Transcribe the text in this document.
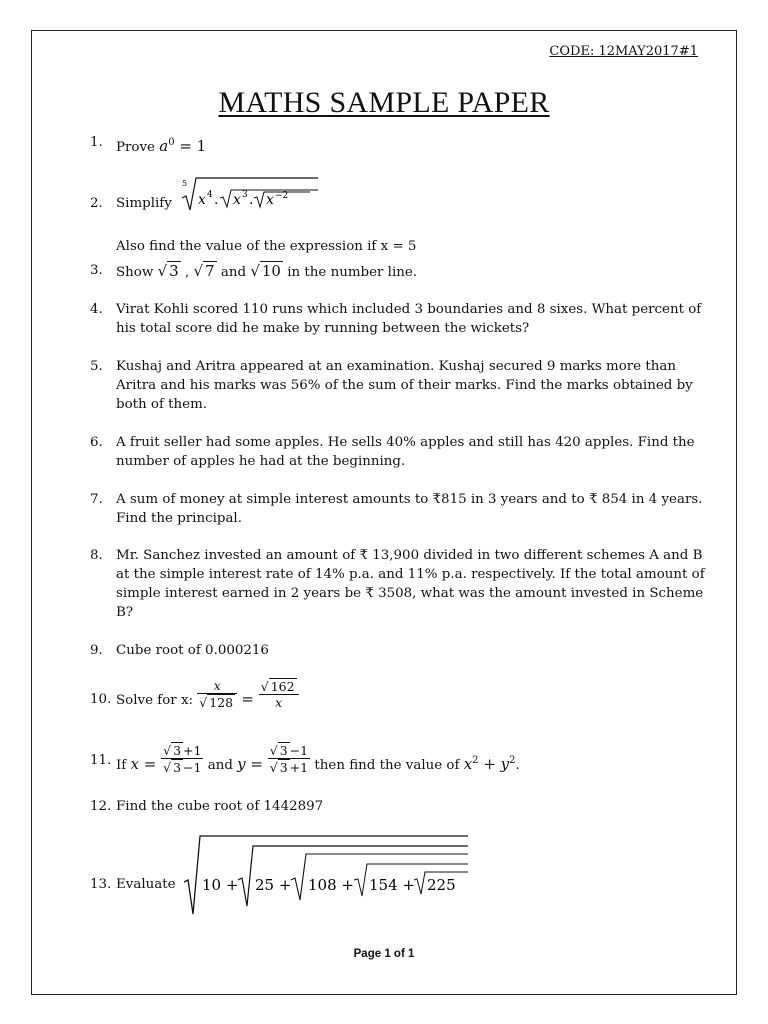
CODE: 12MAY2017#1
MATHS SAMPLE PAPER
1. Prove $a^0 = 1$
2. Simplify
5
x 4 . x 3 . x −2
Also find the value of the expression if x = 5
3. Show √ 3 , √ 7 and √ 10 in the number line.
4. Virat Kohli scored 110 runs which included 3 boundaries and 8 sixes. What percent of his total score did he make by running between the wickets?
5. Kushaj and Aritra appeared at an examination. Kushaj secured 9 marks more than Aritra and his marks was 56% of the sum of their marks. Find the marks obtained by both of them.
6. A fruit seller had some apples. He sells 40% apples and still has 420 apples. Find the number of apples he had at the beginning.
7. A sum of money at simple interest amounts to ₹815 in 3 years and to ₹ 854 in 4 years. Find the principal.
8. Mr. Sanchez invested an amount of ₹ 13,900 divided in two different schemes A and B at the simple interest rate of 14% p.a. and 11% p.a. respectively. If the total amount of simple interest earned in 2 years be ₹ 3508, what was the amount invested in Scheme B?
9. Cube root of 0.000216
10. Solve for x: $\frac{x}{√ 128} = \frac{√ 162}{x}$
11. If $x = \frac{√ 3 +1}{√ 3 -1}$ and $y = \frac{√ 3 -1}{√ 3 +1}$ then find the value of $x^2 + y^2$.
12. Find the cube root of 1442897
13. Evaluate	10 + 25 + 108 + 154 + 225
Page 1 of 1
